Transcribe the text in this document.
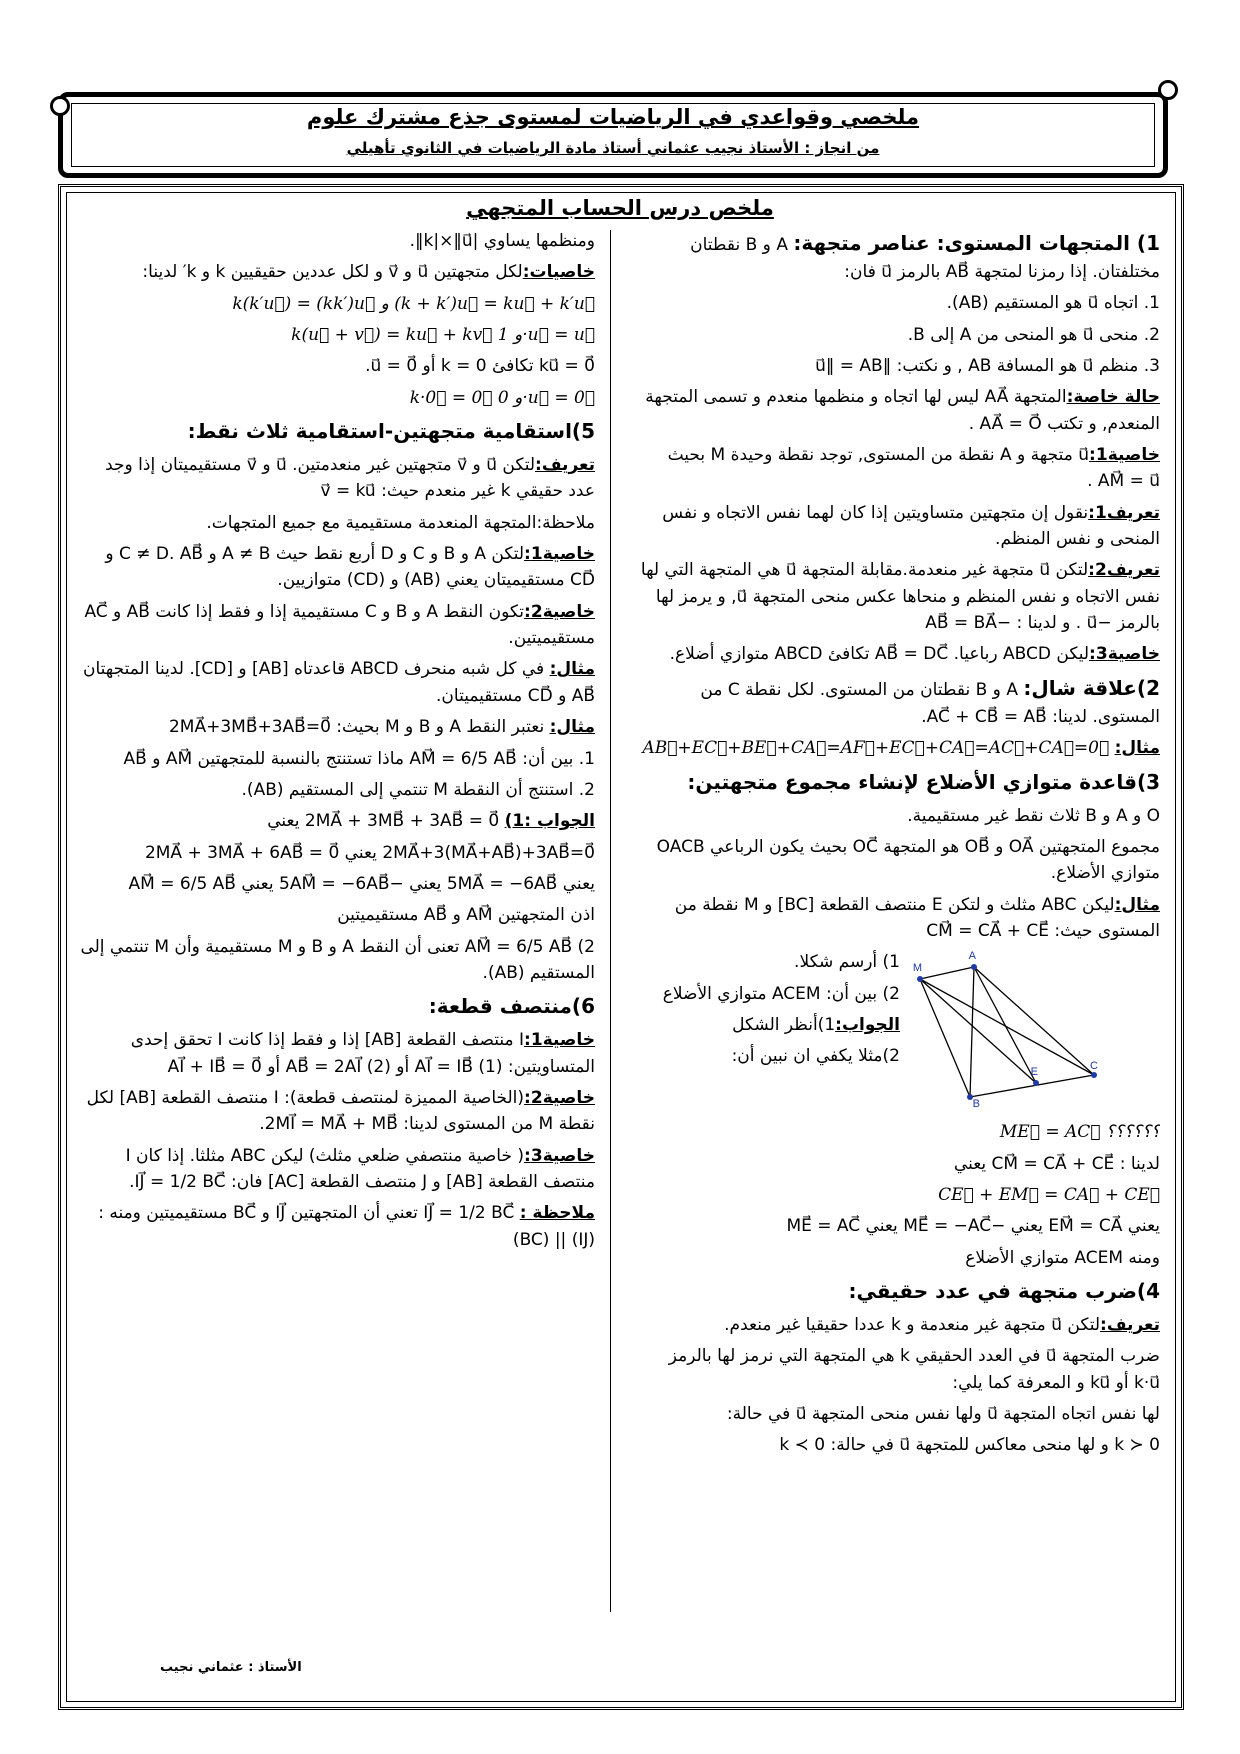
ملخصي وقواعدي في الرياضيات لمستوى جذع مشترك علوم
من انجاز : الأستاذ نجيب عثماني أستاذ مادة الرياضيات في الثانوي تأهيلي
ملخص درس الحساب المتجهي

1) المتجهات المستوى: عناصر متجهة: A و B نقطتان مختلفتان. إذا رمزنا لمتجهة AB⃗ بالرمز u⃗ فان:

1. اتجاه u⃗ هو المستقيم (AB).

2. منحى u⃗ هو المنحى من A إلى B.

3. منظم u⃗ هو المسافة AB , و نكتب: ‖u⃗‖ = AB

حالة خاصة:المتجهة AA⃗ ليس لها اتجاه و منظمها منعدم و تسمى المتجهة المنعدم, و تكتب AA⃗ = O⃗ .

خاصية1:u⃗ متجهة و A نقطة من المستوى, توجد نقطة وحيدة M بحيث AM⃗ = u⃗ .

تعريف1:نقول إن متجهتين متساويتين إذا كان لهما نفس الاتجاه و نفس المنحى و نفس المنظم.

تعريف2:لتكن u⃗ متجهة غير منعدمة.مقابلة المتجهة u⃗ هي المتجهة التي لها نفس الاتجاه و نفس المنظم و منحاها عكس منحى المتجهة u⃗, و يرمز لها بالرمز −u⃗ . و لدينا : −AB⃗ = BA⃗

خاصية3:ليكن ABCD رباعيا. AB⃗ = DC⃗ تكافئ ABCD متوازي أضلاع.

2)علاقة شال: A و B نقطتان من المستوى. لكل نقطة C من المستوى. لدينا: AC⃗ + CB⃗ = AB⃗.

مثال: AB⃗+EC⃗+BE⃗+CA⃗=AF⃗+EC⃗+CA⃗=AC⃗+CA⃗=0⃗

3)قاعدة متوازي الأضلاع لإنشاء مجموع متجهتين:

O و A و B ثلاث نقط غير مستقيمية.

مجموع المتجهتين OA⃗ و OB⃗ هو المتجهة OC⃗ بحيث يكون الرباعي OACB متوازي الأضلاع.

مثال:ليكن ABC مثلث و لتكن E منتصف القطعة [BC] و M نقطة من المستوى حيث: CM⃗ = CA⃗ + CE⃗

1) أرسم شكلا.

2) بين أن: ACEM متوازي الأضلاع

الجواب:1)أنظر الشكل

2)مثلا يكفي ان نبين أن:

M
A
B
E	C

ME⃗ = AC⃗ ؟؟؟؟؟؟

لدينا : CM⃗ = CA⃗ + CE⃗ يعني

CE⃗ + EM⃗ = CA⃗ + CE⃗

يعني EM⃗ = CA⃗ يعني −ME⃗ = −AC⃗ يعني ME⃗ = AC⃗

ومنه ACEM متوازي الأضلاع

4)ضرب متجهة في عدد حقيقي:

تعريف:لتكن u⃗ متجهة غير منعدمة و k عددا حقيقيا غير منعدم.

ضرب المتجهة u⃗ في العدد الحقيقي k هي المتجهة التي نرمز لها بالرمز k·u⃗ أو ku⃗ و المعرفة كما يلي:

لها نفس اتجاه المتجهة u⃗ ولها نفس منحى المتجهة u⃗ في حالة:

k ≻ 0 و لها منحى معاكس للمتجهة u⃗ في حالة: k ≺ 0

ومنظمها يساوي |k|×‖u⃗‖.

خاصيات:لكل متجهتين u⃗ و v⃗ و لكل عددين حقيقيين k و k′ لدينا:

k(k′u⃗) = (kk′)u⃗ و (k + k′)u⃗ = ku⃗ + k′u⃗

k(u⃗ + v⃗) = ku⃗ + kv⃗ و 1·u⃗ = u⃗

ku⃗ = 0⃗ تكافئ k = 0 أو u⃗ = 0⃗.

k·0⃗ = 0⃗ و 0·u⃗ = 0⃗

5)استقامية متجهتين-استقامية ثلاث نقط:

تعريف:لتكن u⃗ و v⃗ متجهتين غير منعدمتين. u⃗ و v⃗ مستقيميتان إذا وجد عدد حقيقي k غير منعدم حيث: v⃗ = ku⃗

ملاحظة:المتجهة المنعدمة مستقيمية مع جميع المتجهات.

خاصية1:لتكن A و B و C و D أربع نقط حيث A ≠ B و C ≠ D. AB⃗ و CD⃗ مستقيميتان يعني (AB) و (CD) متوازيين.

خاصية2:تكون النقط A و B و C مستقيمية إذا و فقط إذا كانت AB⃗ و AC⃗ مستقيميتين.

مثال: في كل شبه منحرف ABCD قاعدتاه [AB] و [CD]. لدينا المتجهتان AB⃗ و CD⃗ مستقيميتان.

مثال: نعتبر النقط A و B و M بحيث: 2MA⃗+3MB⃗+3AB⃗=0⃗

1. بين أن: AM⃗ = 6/5 AB⃗ ماذا تستنتج بالنسبة للمتجهتين AM⃗ و AB⃗

2. استنتج أن النقطة M تنتمي إلى المستقيم (AB).

الجواب :1) 2MA⃗ + 3MB⃗ + 3AB⃗ = 0⃗ يعني

2MA⃗+3(MA⃗+AB⃗)+3AB⃗=0⃗ يعني 2MA⃗ + 3MA⃗ + 6AB⃗ = 0⃗

يعني 5MA⃗ = −6AB⃗ يعني −5AM⃗ = −6AB⃗ يعني AM⃗ = 6/5 AB⃗

اذن المتجهتين AM⃗ و AB⃗ مستقيميتين

2) AM⃗ = 6/5 AB⃗ تعنى أن النقط A و B و M مستقيمية وأن M تنتمي إلى المستقيم (AB).

6)منتصف قطعة:

خاصية1:I منتصف القطعة [AB] إذا و فقط إذا كانت I تحقق إحدى المتساويتين: (1) AI⃗ = IB⃗ أو (2) AB⃗ = 2AI⃗ أو AI⃗ + IB⃗ = 0⃗

خاصية2:(الخاصية المميزة لمنتصف قطعة): I منتصف القطعة [AB] لكل نقطة M من المستوى لدينا: 2MI⃗ = MA⃗ + MB⃗.

خاصية3:( خاصية منتصفي ضلعي مثلث) ليكن ABC مثلثا. إذا كان I منتصف القطعة [AB] و J منتصف القطعة [AC] فان: IJ⃗ = 1/2 BC⃗.

ملاحظة : IJ⃗ = 1/2 BC⃗ تعني أن المتجهتين IJ⃗ و BC⃗ مستقيميتين ومنه : (IJ) || (BC)

الأستاذ : عثماني نجيب
